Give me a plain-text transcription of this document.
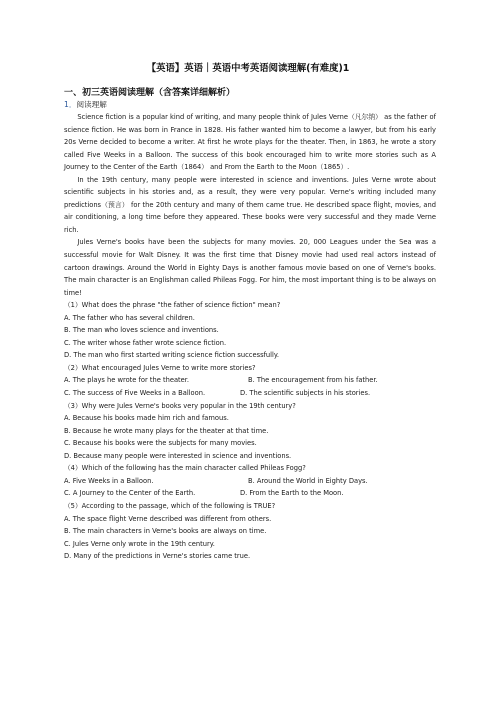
【英语】英语｜英语中考英语阅读理解(有难度)1
一、初三英语阅读理解（含答案详细解析）
1．阅读理解

Science fiction is a popular kind of writing, and many people think of Jules Verne（凡尔纳） as the father of science fiction. He was born in France in 1828. His father wanted him to become a lawyer, but from his early 20s Verne decided to become a writer. At first he wrote plays for the theater. Then, in 1863, he wrote a story called Five Weeks in a Balloon. The success of this book encouraged him to write more stories such as A Journey to the Center of the Earth（1864） and From the Earth to the Moon（1865）.

In the 19th century, many people were interested in science and inventions. Jules Verne wrote about scientific subjects in his stories and, as a result, they were very popular. Verne's writing included many predictions（预言） for the 20th century and many of them came true. He described space flight, movies, and air conditioning, a long time before they appeared. These books were very successful and they made Verne rich.

Jules Verne's books have been the subjects for many movies. 20, 000 Leagues under the Sea was a successful movie for Walt Disney. It was the first time that Disney movie had used real actors instead of cartoon drawings. Around the World in Eighty Days is another famous movie based on one of Verne's books. The main character is an Englishman called Phileas Fogg. For him, the most important thing is to be always on time!

（1）What does the phrase "the father of science fiction" mean?

A. The father who has several children.

B. The man who loves science and inventions.

C. The writer whose father wrote science fiction.

D. The man who first started writing science fiction successfully.

（2）What encouraged Jules Verne to write more stories?

A. The plays he wrote for the theater.	B. The encouragement from his father.
C. The success of Five Weeks in a Balloon.	D. The scientific subjects in his stories.

（3）Why were Jules Verne's books very popular in the 19th century?

A. Because his books made him rich and famous.

B. Because he wrote many plays for the theater at that time.

C. Because his books were the subjects for many movies.

D. Because many people were interested in science and inventions.

（4）Which of the following has the main character called Phileas Fogg?

A. Five Weeks in a Balloon.	B. Around the World in Eighty Days.
C. A Journey to the Center of the Earth.	D. From the Earth to the Moon.

（5）According to the passage, which of the following is TRUE?

A. The space flight Verne described was different from others.

B. The main characters in Verne's books are always on time.

C. Jules Verne only wrote in the 19th century.

D. Many of the predictions in Verne's stories came true.
